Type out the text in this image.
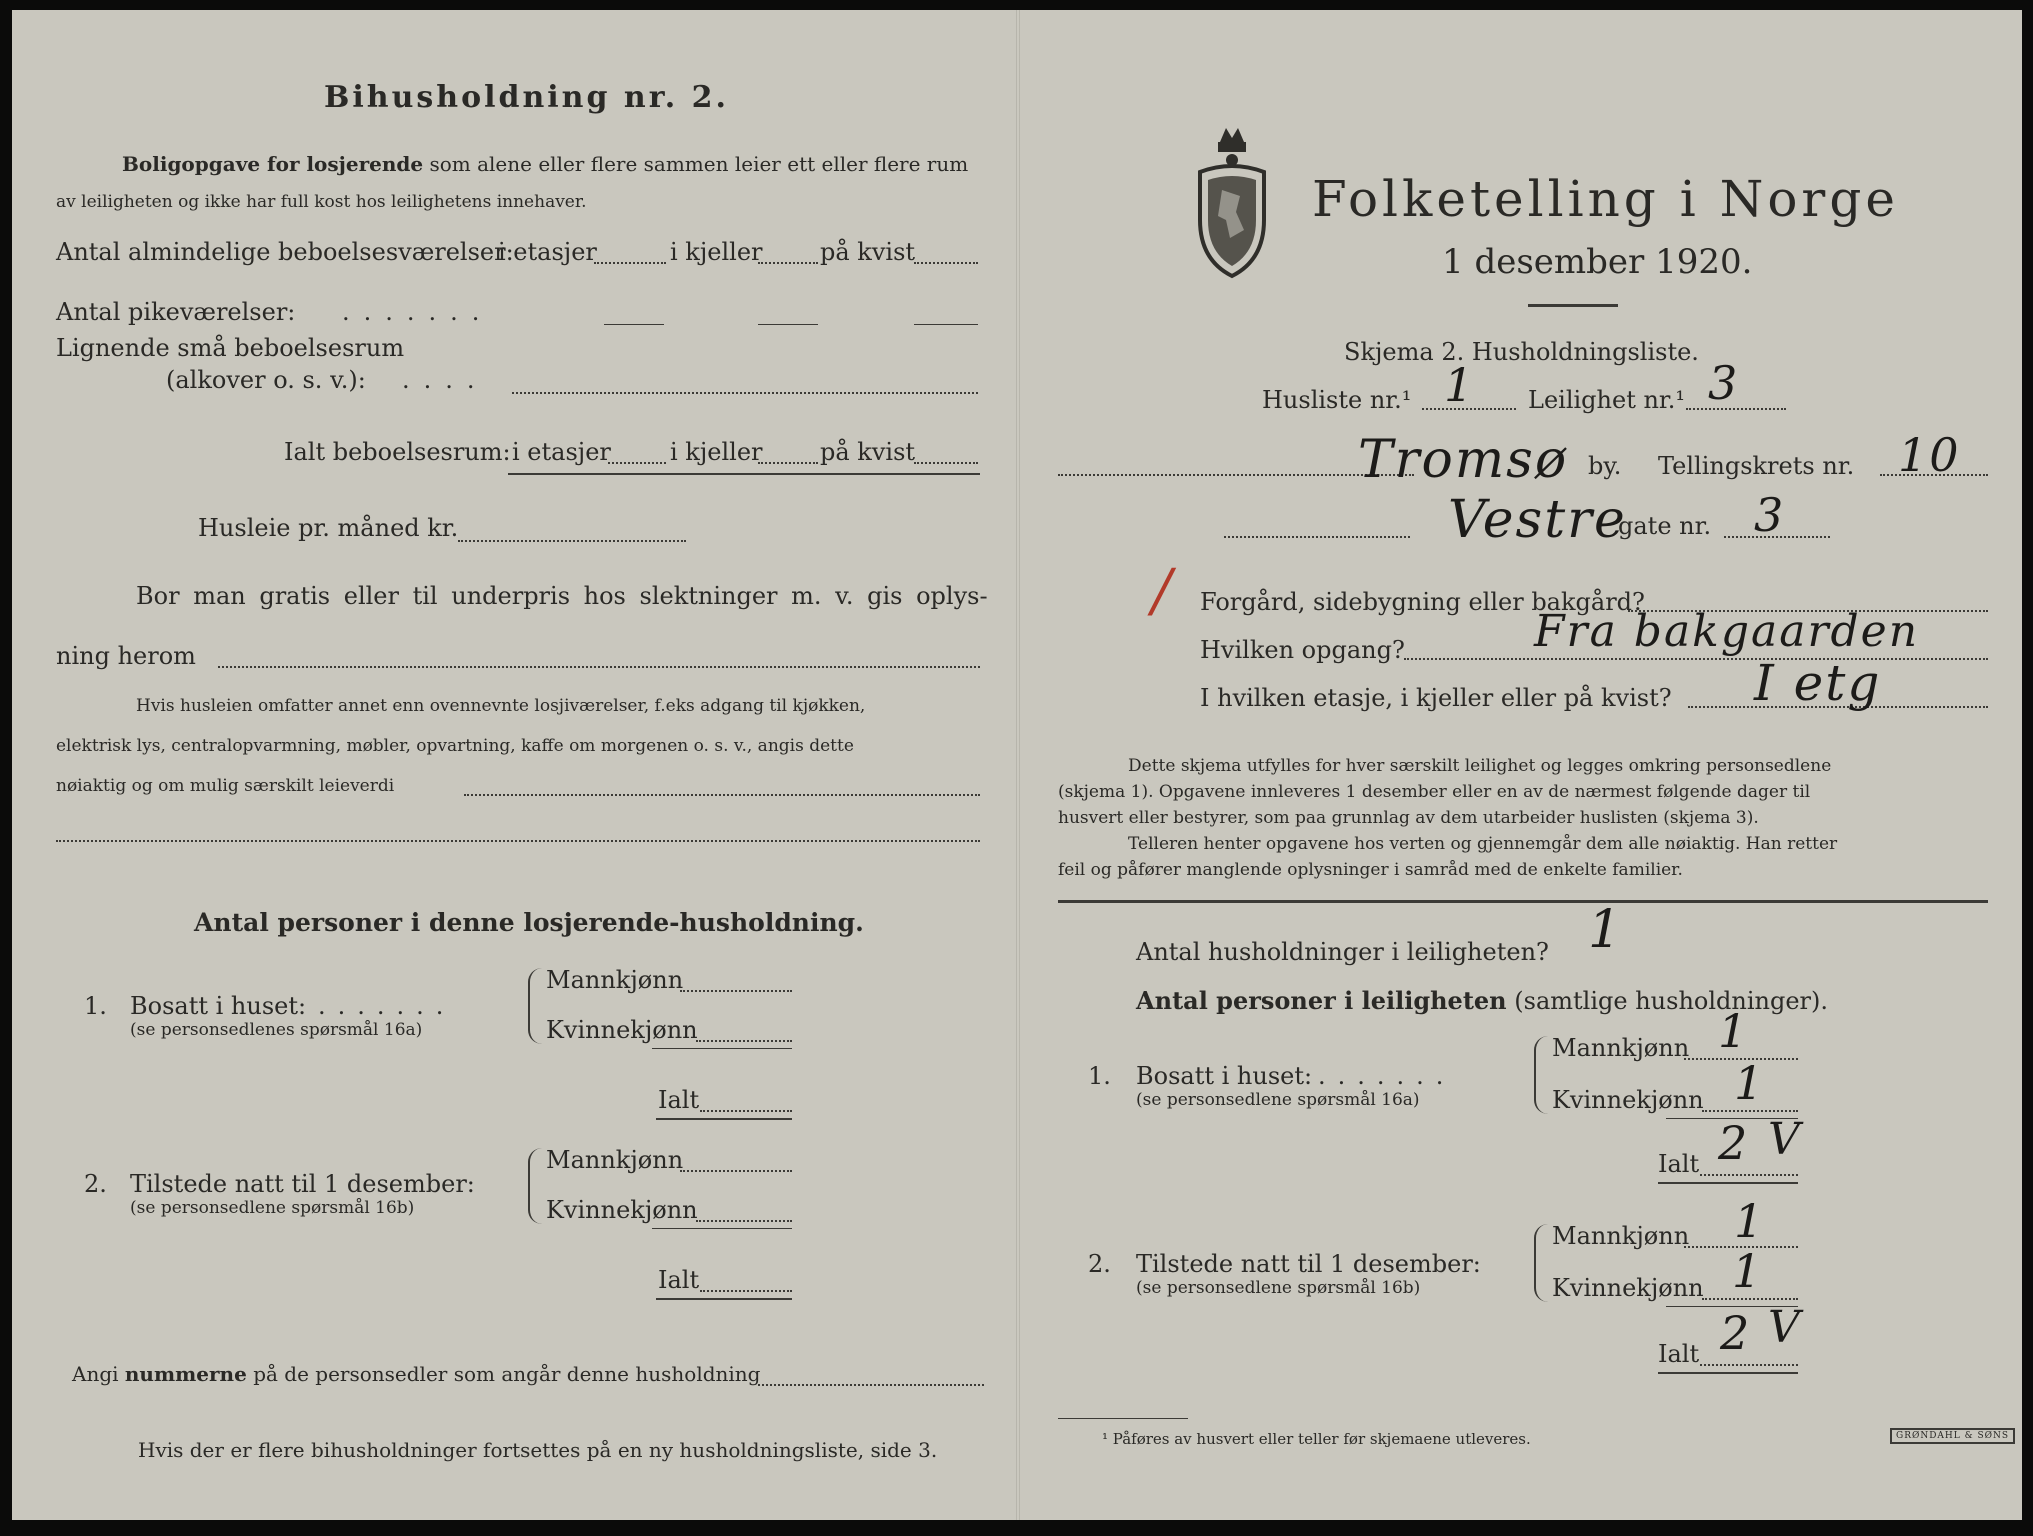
Bihusholdning nr. 2.
Boligopgave for losjerende som alene eller flere sammen leier ett eller flere rum
av leiligheten og ikke har full kost hos leilighetens innehaver.
Antal almindelige beboelsesværelser:
i etasjer	i kjeller på kvist
Antal pikeværelser: .......
Lignende små beboelsesrum
(alkover o. s. v.): ....
Ialt beboelsesrum: i etasjer i kjeller på kvist
Husleie pr. måned kr.
Bor man gratis eller til underpris hos slektninger m. v. gis oplys-
ning herom
Hvis husleien omfatter annet enn ovennevnte losjiværelser, f.eks adgang til kjøkken,
elektrisk lys, centralopvarmning, møbler, opvartning, kaffe om morgenen o. s. v., angis dette
nøiaktig og om mulig særskilt leieverdi
Antal personer i denne losjerende-husholdning.
1. Bosatt i huset: .......
(se personsedlenes spørsmål 16a)
Mannkjønn
Kvinnekjønn
Ialt
2. Tilstede natt til 1 desember:
(se personsedlene spørsmål 16b)
Mannkjønn
Kvinnekjønn
Ialt
Angi nummerne på de personsedler som angår denne husholdning
Hvis der er flere bihusholdninger fortsettes på en ny husholdningsliste, side 3.
Folketelling i Norge
1 desember 1920.
Skjema 2. Husholdningsliste.
Husliste nr.¹ 1 Leilighet nr.¹ 3
Tromsø by. Tellingskrets nr. 10
Vestre
gate nr. 3
/ Forgård, sidebygning eller bakgård?
Hvilken opgang?	Fra bakgaarden
I hvilken etasje, i kjeller eller på kvist? I etg
Dette skjema utfylles for hver særskilt leilighet og legges omkring personsedlene
(skjema 1). Opgavene innleveres 1 desember eller en av de nærmest følgende dager til
husvert eller bestyrer, som paa grunnlag av dem utarbeider huslisten (skjema 3).
Telleren henter opgavene hos verten og gjennemgår dem alle nøiaktig. Han retter
feil og påfører manglende oplysninger i samråd med de enkelte familier.
Antal husholdninger i leiligheten? 1
Antal personer i leiligheten (samtlige husholdninger).
1. Bosatt i huset: .......
(se personsedlene spørsmål 16a)
Mannkjønn 1
Kvinnekjønn 1
Ialt 2 V
2. Tilstede natt til 1 desember:
(se personsedlene spørsmål 16b)
Mannkjønn 1
Kvinnekjønn 1
Ialt 2 V
¹ Påføres av husvert eller teller før skjemaene utleveres.	GRØNDAHL & SØNS
